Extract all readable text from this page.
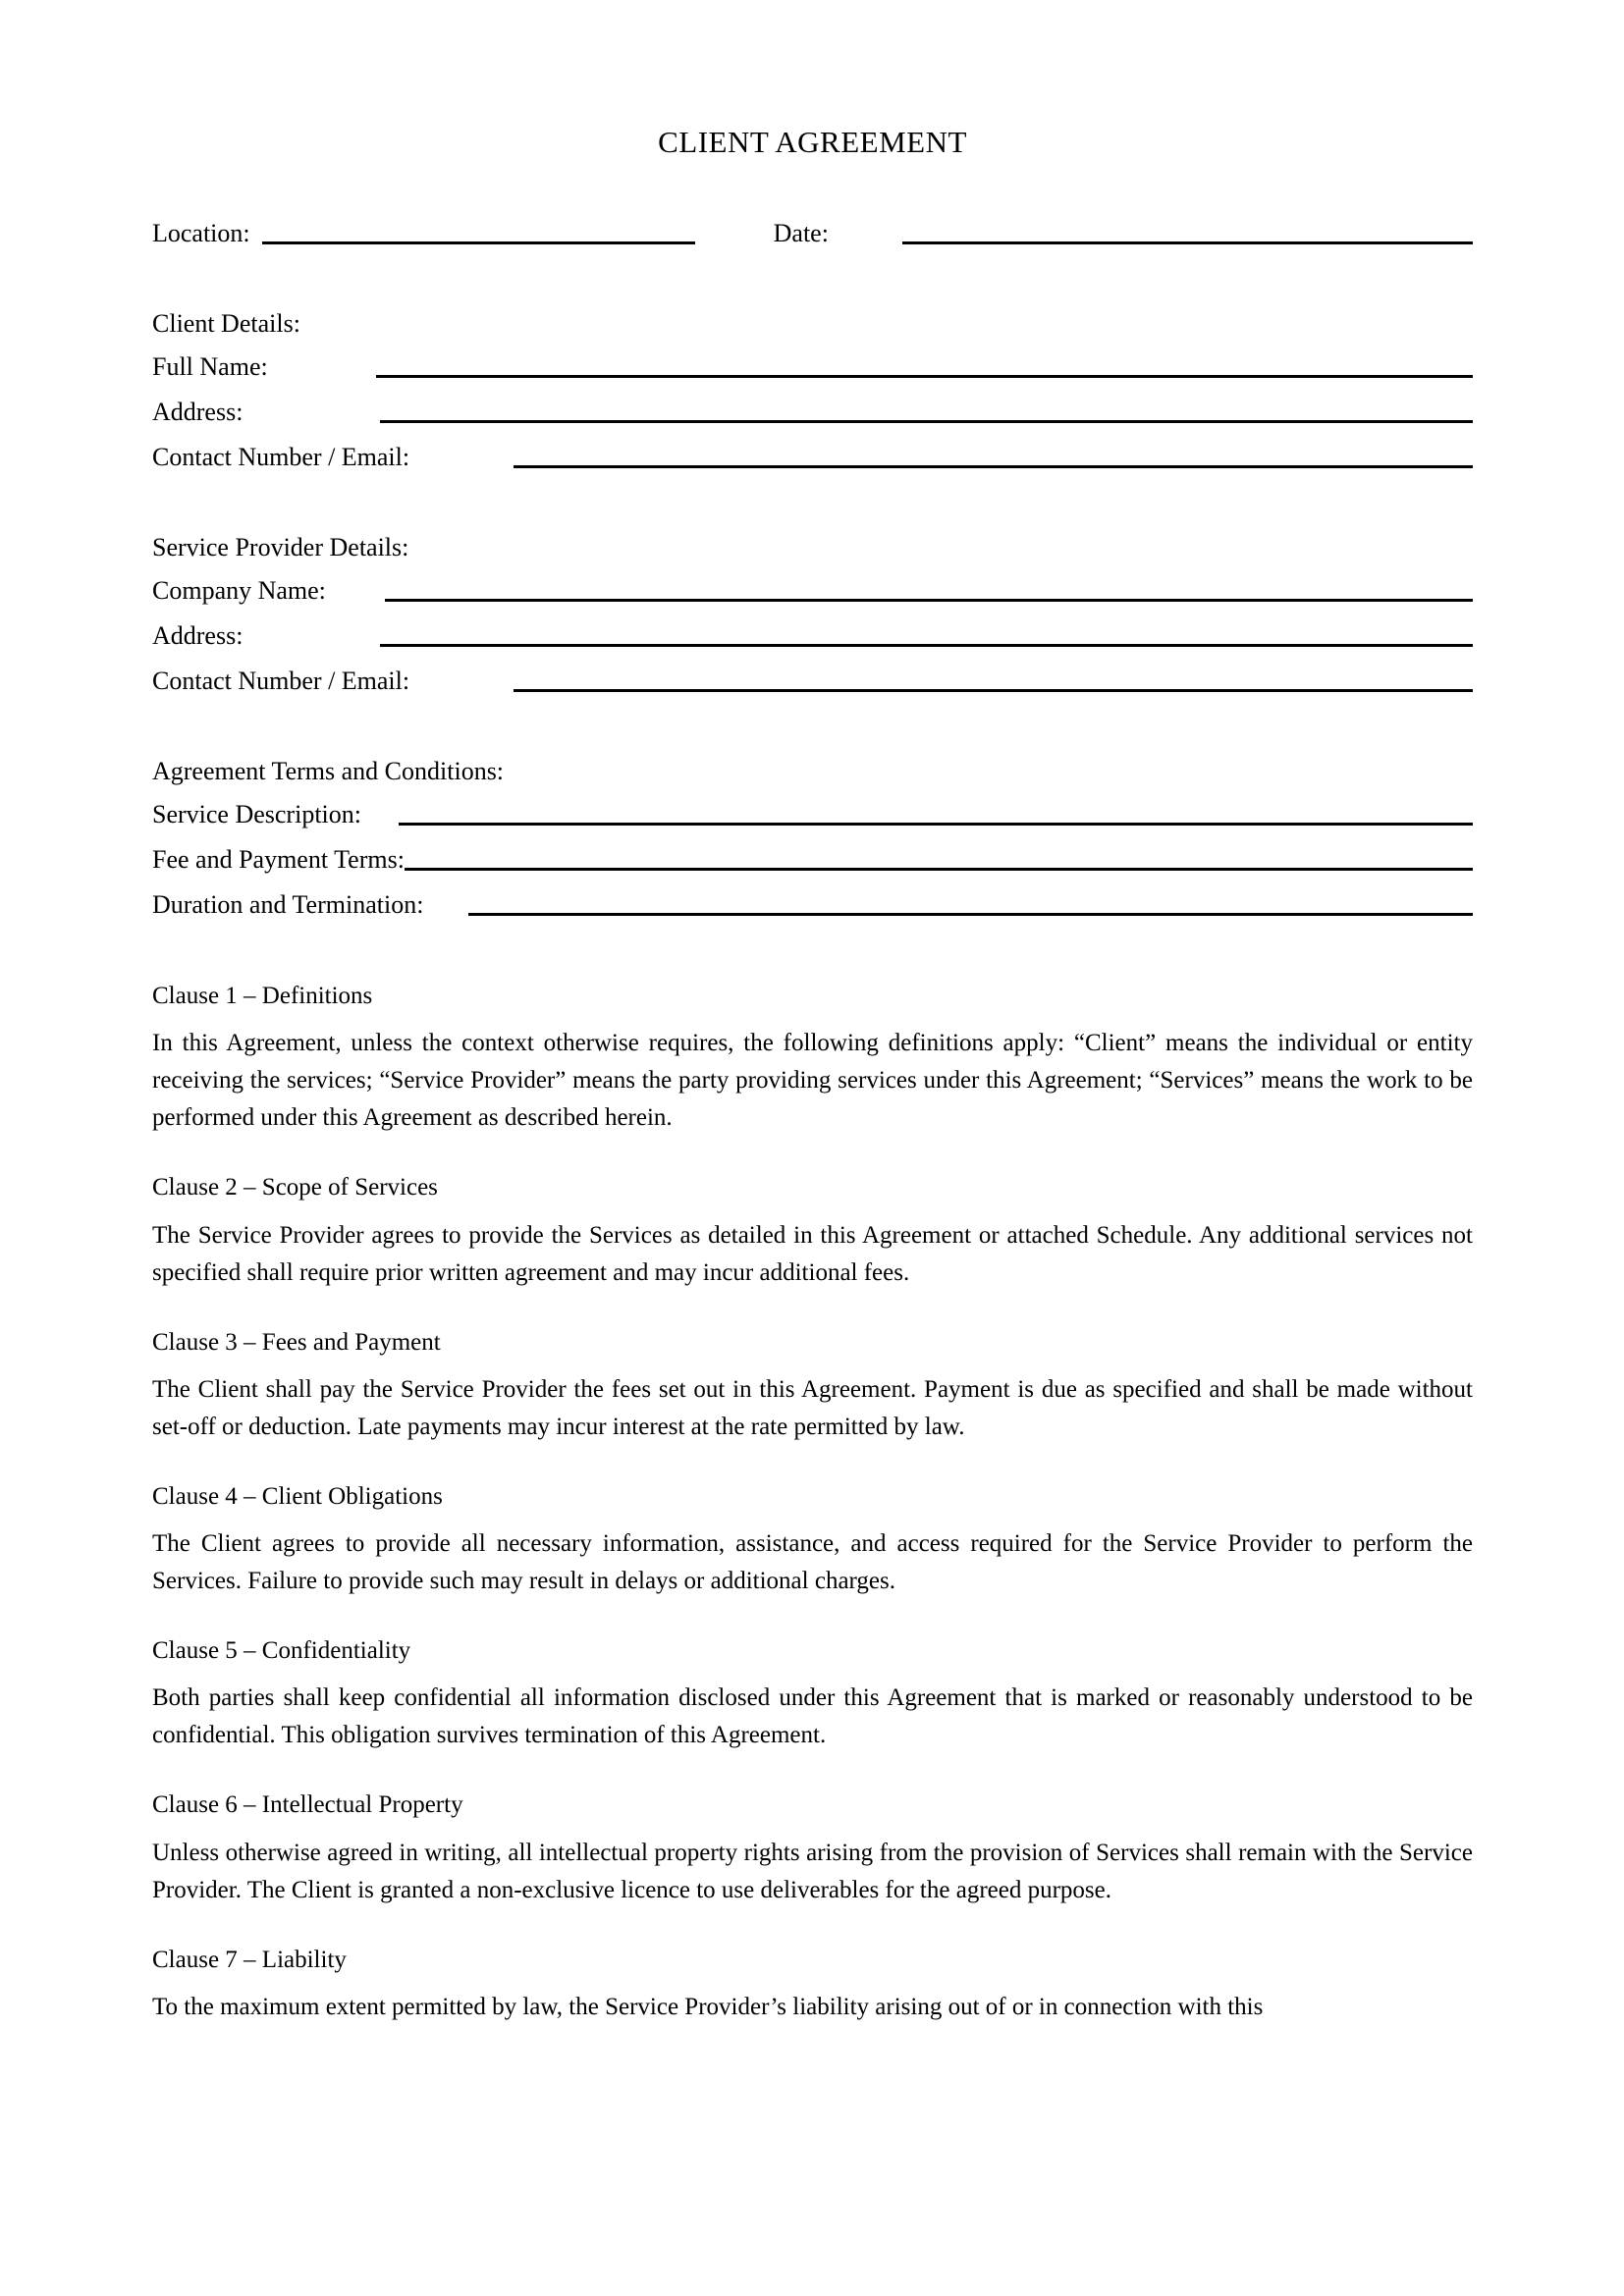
CLIENT AGREEMENT
Location:	Date:
Client Details:
Full Name:
Address:
Contact Number / Email:
Service Provider Details:
Company Name:
Address:
Contact Number / Email:
Agreement Terms and Conditions:
Service Description:
Fee and Payment Terms:
Duration and Termination:
Clause 1 – Definitions

In this Agreement, unless the context otherwise requires, the following definitions apply: “Client” means the individual or entity receiving the services; “Service Provider” means the party providing services under this Agreement; “Services” means the work to be performed under this Agreement as described herein.

Clause 2 – Scope of Services

The Service Provider agrees to provide the Services as detailed in this Agreement or attached Schedule. Any additional services not specified shall require prior written agreement and may incur additional fees.

Clause 3 – Fees and Payment

The Client shall pay the Service Provider the fees set out in this Agreement. Payment is due as specified and shall be made without set-off or deduction. Late payments may incur interest at the rate permitted by law.

Clause 4 – Client Obligations

The Client agrees to provide all necessary information, assistance, and access required for the Service Provider to perform the Services. Failure to provide such may result in delays or additional charges.

Clause 5 – Confidentiality

Both parties shall keep confidential all information disclosed under this Agreement that is marked or reasonably understood to be confidential. This obligation survives termination of this Agreement.

Clause 6 – Intellectual Property

Unless otherwise agreed in writing, all intellectual property rights arising from the provision of Services shall remain with the Service Provider. The Client is granted a non-exclusive licence to use deliverables for the agreed purpose.

Clause 7 – Liability

To the maximum extent permitted by law, the Service Provider’s liability arising out of or in connection with this
